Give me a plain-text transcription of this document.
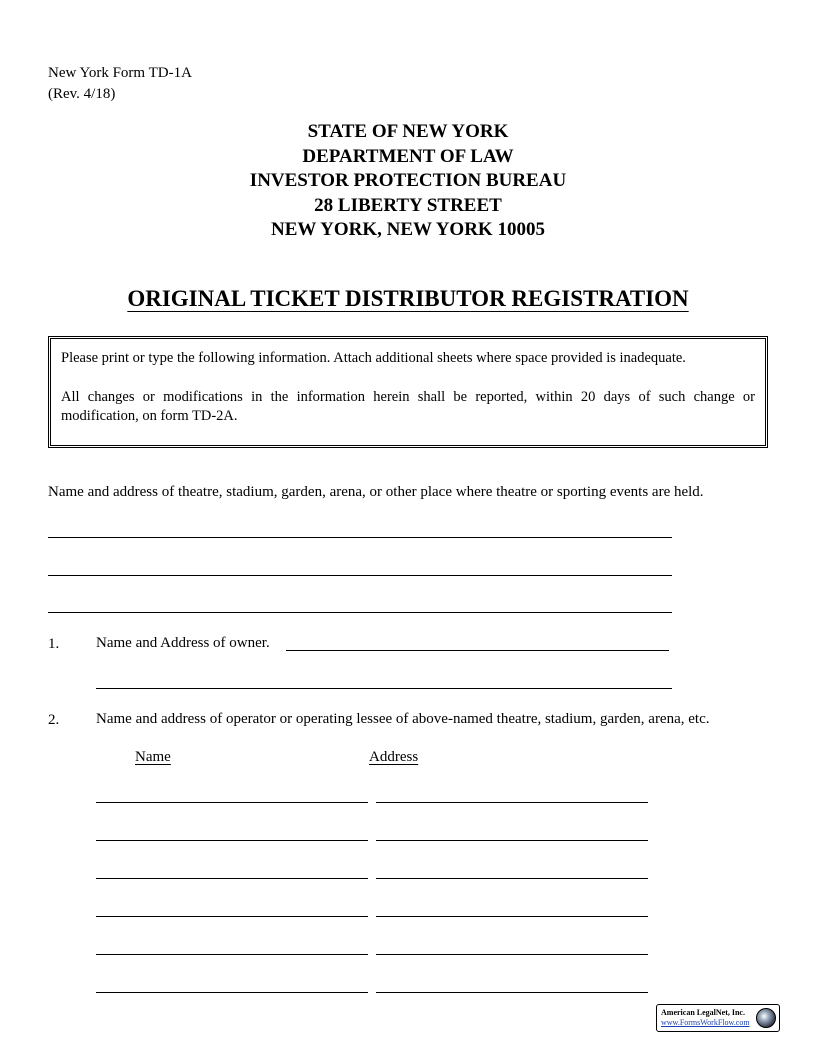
New York Form TD-1A
(Rev. 4/18)
STATE OF NEW YORK
DEPARTMENT OF LAW
INVESTOR PROTECTION BUREAU
28 LIBERTY STREET
NEW YORK, NEW YORK 10005
ORIGINAL TICKET DISTRIBUTOR REGISTRATION

Please print or type the following information. Attach additional sheets where space provided is inadequate.

All changes or modifications in the information herein shall be reported, within 20 days of such change or modification, on form TD-2A.

Name and address of theatre, stadium, garden, arena, or other place where theatre or sporting events are held.
1. Name and Address of owner.
2. Name and address of operator or operating lessee of above-named theatre, stadium, garden, arena, etc.
Name	Address
American LegalNet, Inc.
www.FormsWorkFlow.com
